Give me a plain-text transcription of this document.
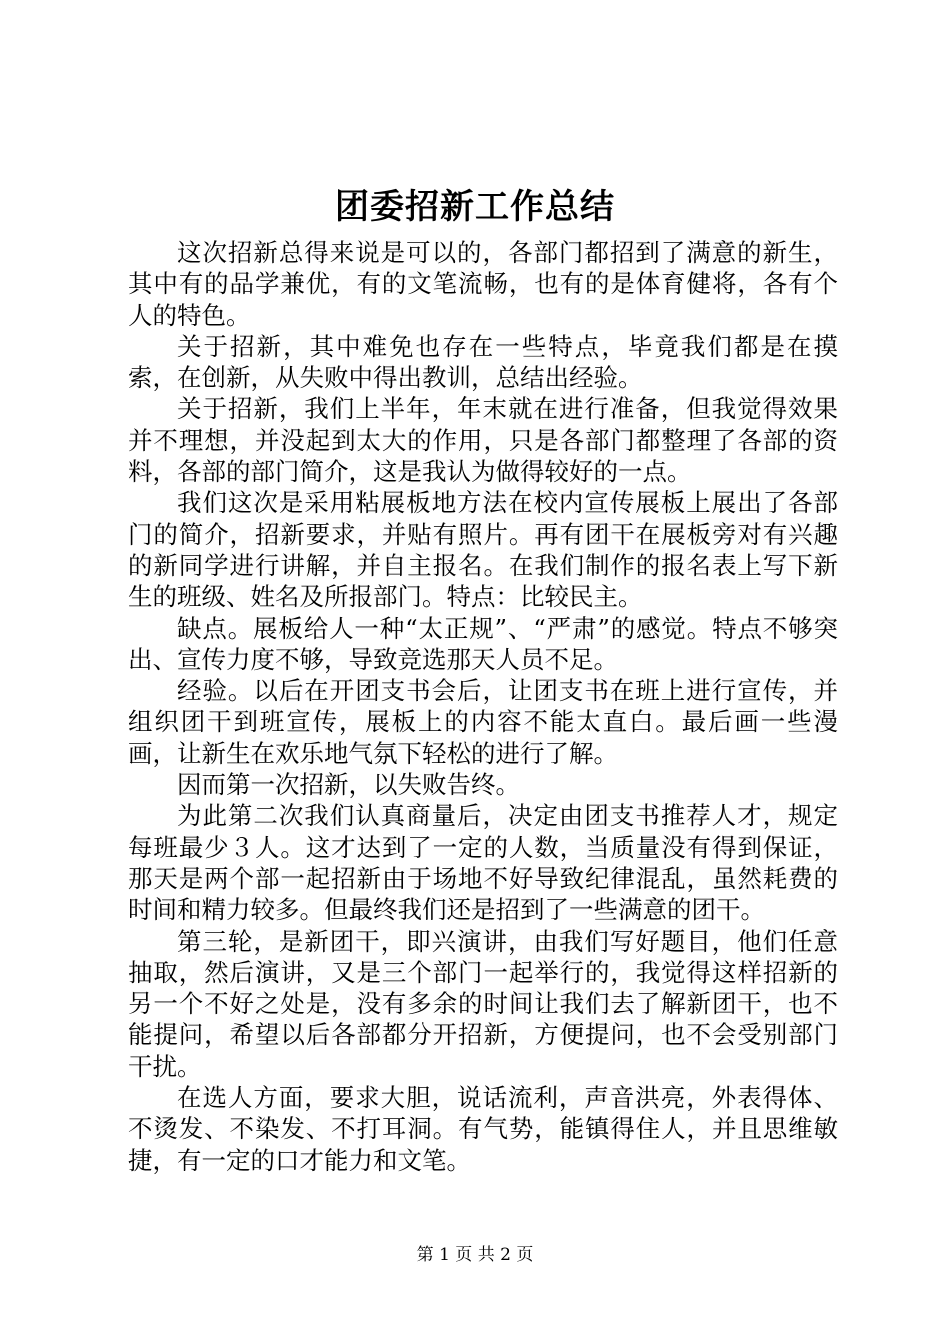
团委招新工作总结

这次招新总得来说是可以的，各部门都招到了满意的新生，其中有的品学兼优，有的文笔流畅，也有的是体育健将，各有个人的特色。

关于招新，其中难免也存在一些特点，毕竟我们都是在摸索，在创新，从失败中得出教训，总结出经验。

关于招新，我们上半年，年末就在进行准备，但我觉得效果并不理想，并没起到太大的作用，只是各部门都整理了各部的资料，各部的部门简介，这是我认为做得较好的一点。

我们这次是采用粘展板地方法在校内宣传展板上展出了各部门的简介，招新要求，并贴有照片。再有团干在展板旁对有兴趣的新同学进行讲解，并自主报名。在我们制作的报名表上写下新生的班级、姓名及所报部门。特点：比较民主。

缺点。展板给人一种“太正规”、“严肃”的感觉。特点不够突出、宣传力度不够，导致竞选那天人员不足。

经验。以后在开团支书会后，让团支书在班上进行宣传，并组织团干到班宣传，展板上的内容不能太直白。最后画一些漫画，让新生在欢乐地气氛下轻松的进行了解。

因而第一次招新，以失败告终。

为此第二次我们认真商量后，决定由团支书推荐人才，规定每班最少３人。这才达到了一定的人数，当质量没有得到保证，那天是两个部一起招新由于场地不好导致纪律混乱，虽然耗费的时间和精力较多。但最终我们还是招到了一些满意的团干。

第三轮，是新团干，即兴演讲，由我们写好题目，他们任意抽取，然后演讲，又是三个部门一起举行的，我觉得这样招新的另一个不好之处是，没有多余的时间让我们去了解新团干，也不能提问，希望以后各部都分开招新，方便提问，也不会受别部门干扰。

在选人方面，要求大胆，说话流利，声音洪亮，外表得体、不烫发、不染发、不打耳洞。有气势，能镇得住人，并且思维敏捷，有一定的口才能力和文笔。

第 1 页 共 2 页
